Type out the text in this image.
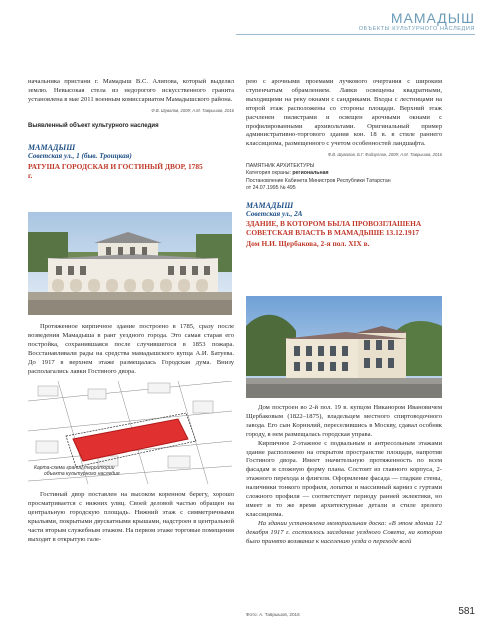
МАМАДЫШ
ОБЪЕКТЫ КУЛЬТУРНОГО НАСЛЕДИЯ

начальника пристани г. Мамадыш В.С. Алипова, который выделял землю. Невысокая стела из недорогого искусственного гранита установлена в мае 2011 военным комиссариатом Мамадышского района.

Ф.В. Шувалов, 2009; А.М. Таврышов, 2016

Выявленный объект культурного наследия

МАМАДЫШ

Советская ул., 1 (быв. Троицкая)

РАТУША ГОРОДСКАЯ И ГОСТИНЫЙ ДВОР, 1785 г.

Протяженное кирпичное здание построено в 1785, сразу после возведения Мамадыша в ранг уездного города. Это самая старая его постройка, сохранившаяся после случившегося в 1853 пожара. Восстанавливали рады на средства мамадышского купца А.И. Батуева. До 1917 в верхнем этаже размещалась Городская дума. Внизу располагались лавки Гостиного двора.

Карта-схема границ территории
объекта культурного наследия

Гостиный двор поставлен на высоком коренном берегу, хорошо просматривается с нижних улиц. Своей деловой частью обращен на центральную городскую площадь. Нижний этаж с симметричными крыльями, покрытыми двускатными крышами, надстроен в центральной части вторым служебным этажом. На первом этаже торговые помещения выходят в открытую гале-

рею с арочными проемами лучкового очертания с широким ступенчатым обрамлением. Лавки освещены квадратными, выходящими на реку окнами с сандриками. Входы с лестницами на второй этаж расположены со стороны площади. Верхний этаж расчленен пилястрами и освещен арочными окнами с профилированными архивольтами. Оригинальный пример административно-торгового здания кон. 18 в. в стиле раннего классицизма, размещенного с учетом особенностей ландшафта.

Ф.В. Шувалов, Б.Г. Файзуллин, 2009; А.М. Таврышов, 2016

ПАМЯТНИК АРХИТЕКТУРЫ

Категория охраны: региональная

Постановление Кабинета Министров Республики Татарстан

от 24.07.1995 № 495

МАМАДЫШ

Советская ул., 2А

ЗДАНИЕ, В КОТОРОМ БЫЛА ПРОВОЗГЛАШЕНА СОВЕТСКАЯ ВЛАСТЬ В МАМАДЫШЕ 13.12.1917

Дом Н.И. Щербакова, 2-я пол. XIX в.

Дом построен во 2-й пол. 19 в. купцом Никанором Ивановичем Щербаковым (1822–1875), владельцем местного спиртоводочного завода. Его сын Корнилий, переселившись в Москву, сдавал особняк городу, в нем размещалась городская управа.

Кирпичное 2-этажное с подвальным и антресольным этажами здание расположено на открытом пространстве площади, напротив Гостиного двора. Имеет значительную протяженность по всем фасадам и сложную форму плана. Состоит из главного корпуса, 2-этажного перехода и флигеля. Оформление фасада — гладкие стены, наличники тонкого профиля, лопатки и массивный карниз с гуртами сложного профиля — соответствует периоду ранней эклектики, но имеет и то же время архитектурные детали в стиле зрелого классицизма.

На здании установлена мемориальная доска: «В этом здании 12 декабря 1917 г. состоялось заседание уездного Совета, на котором было принято воззвание к населению уезда о переходе всей

Фото: А. Таврышов, 2016	581
